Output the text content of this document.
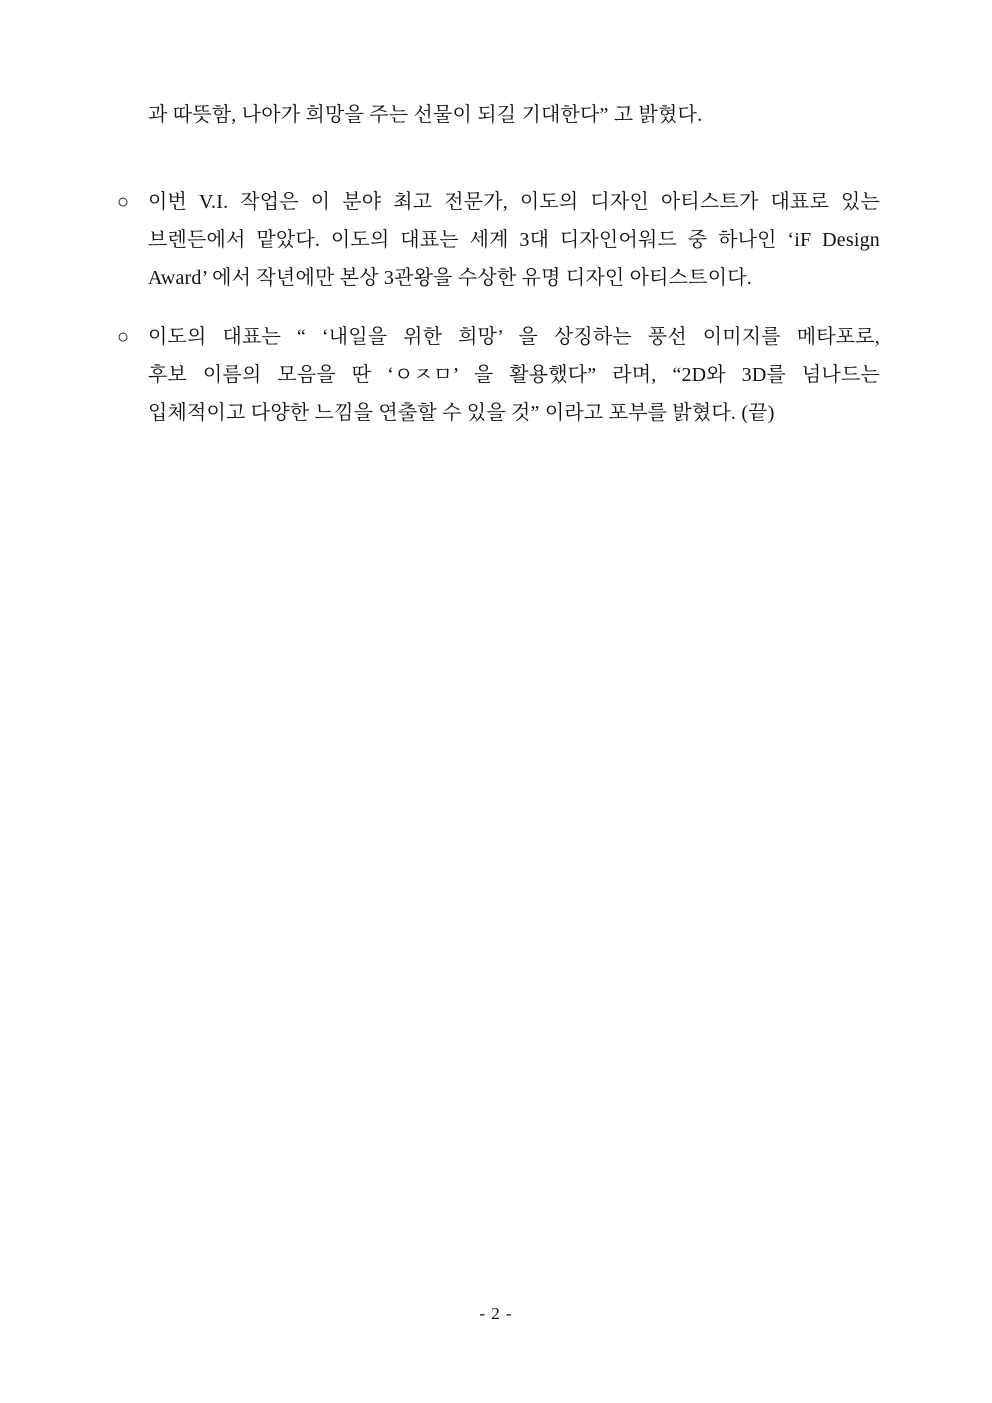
과 따뜻함, 나아가 희망을 주는 선물이 되길 기대한다” 고 밝혔다.
○ 이번 V.I. 작업은 이 분야 최고 전문가, 이도의 디자인 아티스트가 대표로 있는
브렌든에서 맡았다. 이도의 대표는 세계 3대 디자인어워드 중 하나인 ‘iF Design
Award’ 에서 작년에만 본상 3관왕을 수상한 유명 디자인 아티스트이다.
○ 이도의 대표는 “ ‘내일을 위한 희망’ 을 상징하는 풍선 이미지를 메타포로,
후보 이름의 모음을 딴 ‘ㅇㅈㅁ’ 을 활용했다” 라며, “2D와 3D를 넘나드는
입체적이고 다양한 느낌을 연출할 수 있을 것” 이라고 포부를 밝혔다. (끝)
- 2 -
